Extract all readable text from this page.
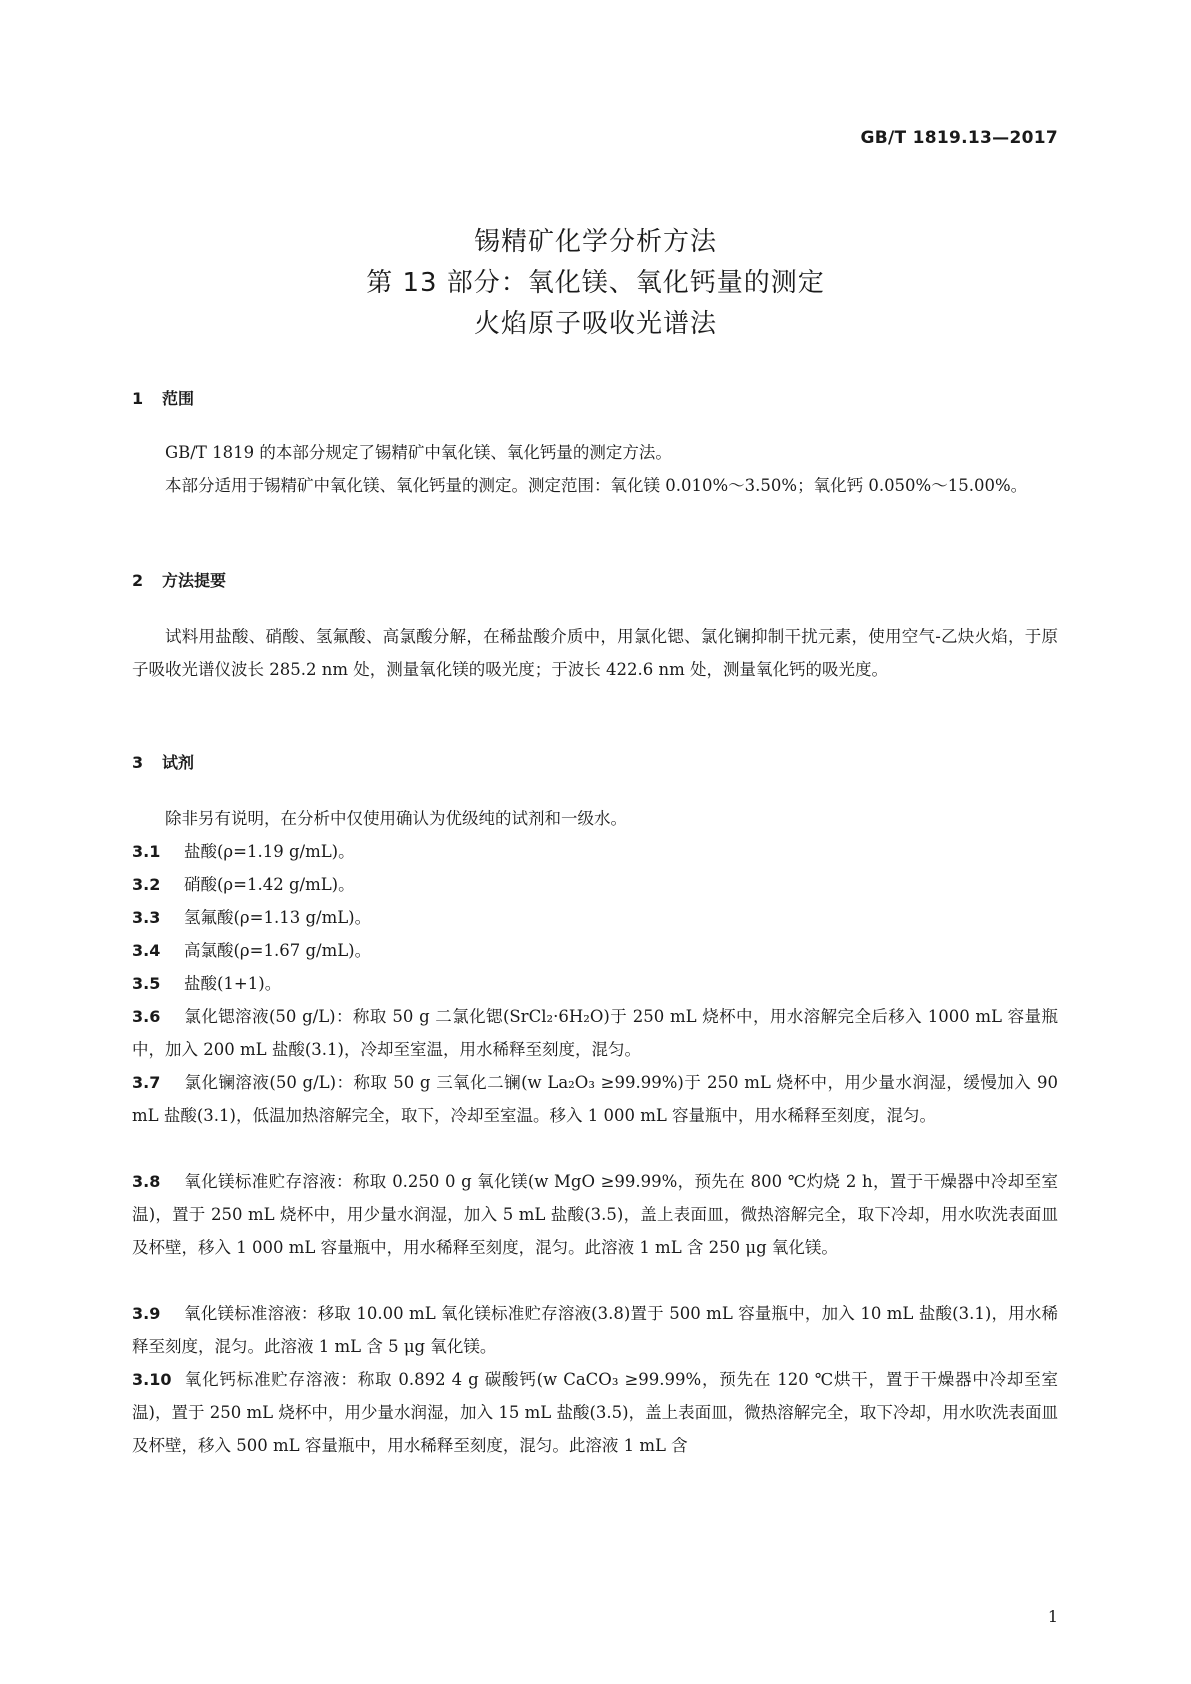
GB/T 1819.13—2017
锡精矿化学分析方法
第 13 部分：氧化镁、氧化钙量的测定
火焰原子吸收光谱法
1 范围
GB/T 1819 的本部分规定了锡精矿中氧化镁、氧化钙量的测定方法。
本部分适用于锡精矿中氧化镁、氧化钙量的测定。测定范围：氧化镁 0.010%～3.50%；氧化钙 0.050%～15.00%。
2 方法提要
试料用盐酸、硝酸、氢氟酸、高氯酸分解，在稀盐酸介质中，用氯化锶、氯化镧抑制干扰元素，使用空气-乙炔火焰，于原子吸收光谱仪波长 285.2 nm 处，测量氧化镁的吸光度；于波长 422.6 nm 处，测量氧化钙的吸光度。
3 试剂
除非另有说明，在分析中仅使用确认为优级纯的试剂和一级水。
3.1 盐酸(ρ=1.19 g/mL)。
3.2 硝酸(ρ=1.42 g/mL)。
3.3 氢氟酸(ρ=1.13 g/mL)。
3.4 高氯酸(ρ=1.67 g/mL)。
3.5 盐酸(1+1)。
3.6 氯化锶溶液(50 g/L)：称取 50 g 二氯化锶(SrCl₂·6H₂O)于 250 mL 烧杯中，用水溶解完全后移入 1000 mL 容量瓶中，加入 200 mL 盐酸(3.1)，冷却至室温，用水稀释至刻度，混匀。
3.7 氯化镧溶液(50 g/L)：称取 50 g 三氧化二镧(w La₂O₃ ≥99.99%)于 250 mL 烧杯中，用少量水润湿，缓慢加入 90 mL 盐酸(3.1)，低温加热溶解完全，取下，冷却至室温。移入 1 000 mL 容量瓶中，用水稀释至刻度，混匀。
3.8 氧化镁标准贮存溶液：称取 0.250 0 g 氧化镁(w MgO ≥99.99%，预先在 800 ℃灼烧 2 h，置于干燥器中冷却至室温)，置于 250 mL 烧杯中，用少量水润湿，加入 5 mL 盐酸(3.5)，盖上表面皿，微热溶解完全，取下冷却，用水吹洗表面皿及杯壁，移入 1 000 mL 容量瓶中，用水稀释至刻度，混匀。此溶液 1 mL 含 250 μg 氧化镁。
3.9 氧化镁标准溶液：移取 10.00 mL 氧化镁标准贮存溶液(3.8)置于 500 mL 容量瓶中，加入 10 mL 盐酸(3.1)，用水稀释至刻度，混匀。此溶液 1 mL 含 5 μg 氧化镁。
3.10 氧化钙标准贮存溶液：称取 0.892 4 g 碳酸钙(w CaCO₃ ≥99.99%，预先在 120 ℃烘干，置于干燥器中冷却至室温)，置于 250 mL 烧杯中，用少量水润湿，加入 15 mL 盐酸(3.5)，盖上表面皿，微热溶解完全，取下冷却，用水吹洗表面皿及杯壁，移入 500 mL 容量瓶中，用水稀释至刻度，混匀。此溶液 1 mL 含
1
